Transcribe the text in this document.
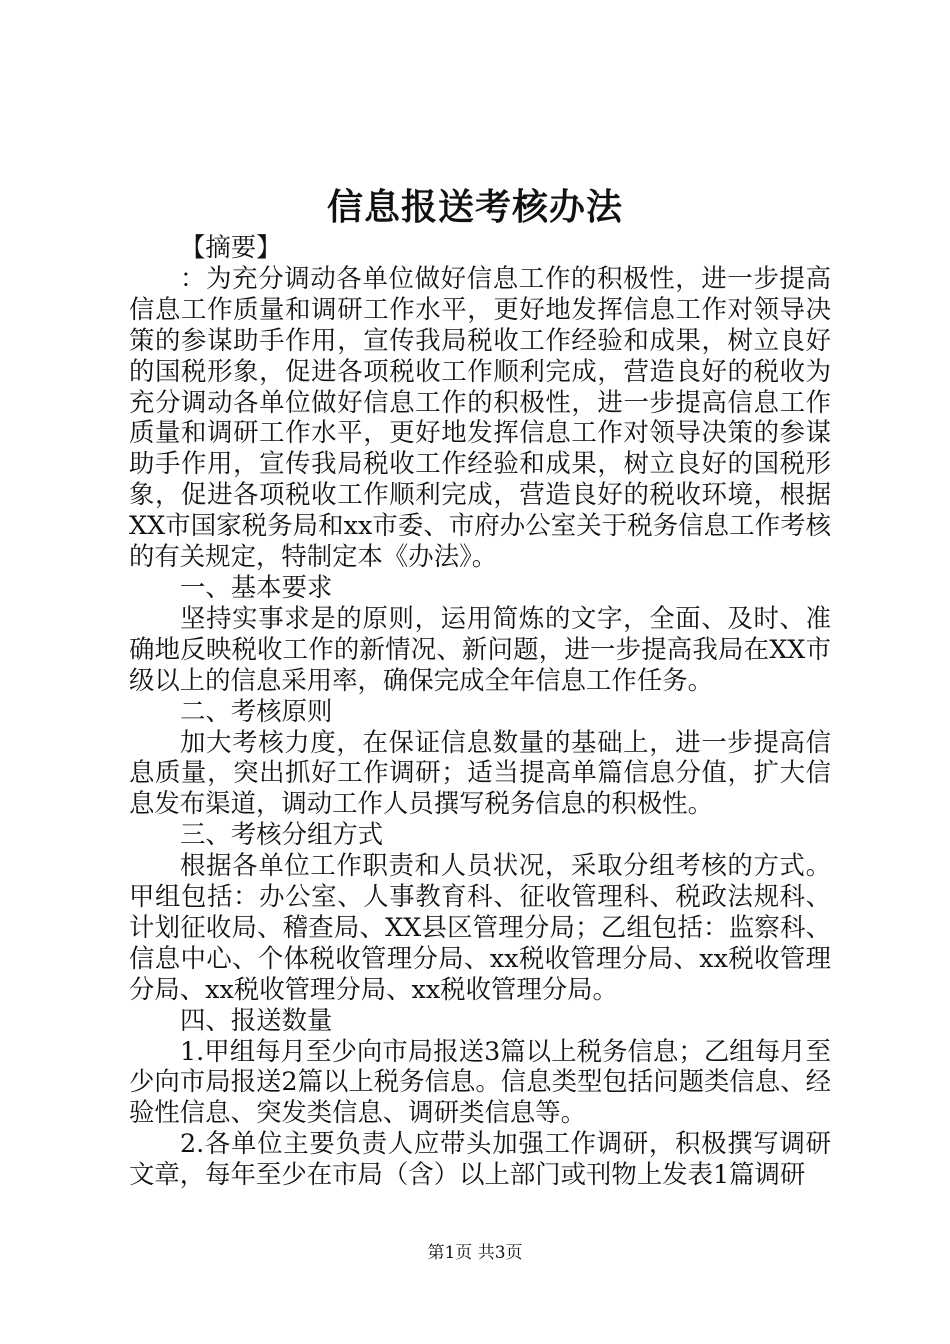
信息报送考核办法

【摘要】

：为充分调动各单位做好信息工作的积极性，进一步提高信息工作质量和调研工作水平，更好地发挥信息工作对领导决策的参谋助手作用，宣传我局税收工作经验和成果，树立良好的国税形象，促进各项税收工作顺利完成，营造良好的税收为充分调动各单位做好信息工作的积极性，进一步提高信息工作质量和调研工作水平，更好地发挥信息工作对领导决策的参谋助手作用，宣传我局税收工作经验和成果，树立良好的国税形象，促进各项税收工作顺利完成，营造良好的税收环境，根据XX市国家税务局和xx市委、市府办公室关于税务信息工作考核的有关规定，特制定本《办法》。

一、基本要求

坚持实事求是的原则，运用简炼的文字，全面、及时、准确地反映税收工作的新情况、新问题，进一步提高我局在XX市级以上的信息采用率，确保完成全年信息工作任务。

二、考核原则

加大考核力度，在保证信息数量的基础上，进一步提高信息质量，突出抓好工作调研；适当提高单篇信息分值，扩大信息发布渠道，调动工作人员撰写税务信息的积极性。

三、考核分组方式

根据各单位工作职责和人员状况，采取分组考核的方式。甲组包括：办公室、人事教育科、征收管理科、税政法规科、计划征收局、稽查局、XX县区管理分局；乙组包括：监察科、信息中心、个体税收管理分局、xx税收管理分局、xx税收管理分局、xx税收管理分局、xx税收管理分局。

四、报送数量

1.甲组每月至少向市局报送3篇以上税务信息；乙组每月至少向市局报送2篇以上税务信息。信息类型包括问题类信息、经验性信息、突发类信息、调研类信息等。

2.各单位主要负责人应带头加强工作调研，积极撰写调研文章，每年至少在市局（含）以上部门或刊物上发表1篇调研

第1页 共3页
